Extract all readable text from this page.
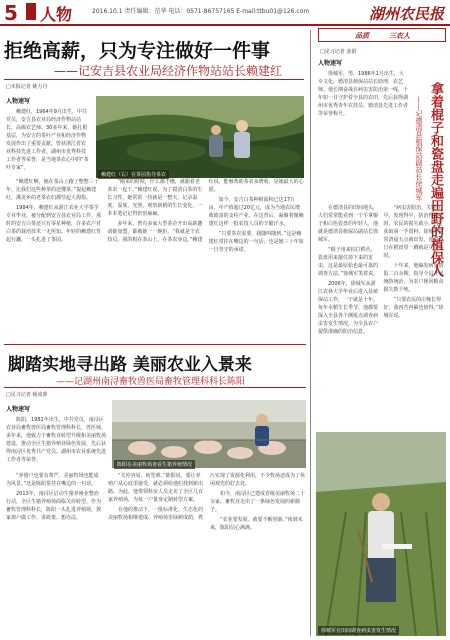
5 人物	2016.10.1 责任编辑：范华 电话：0571-86757165 E-mail:ttbu01@126.com	湖州农民报
拒绝高薪，只为专注做好一件事
——记安吉县农业局经济作物站站长赖建红
□本报记者 姚力丹
人物速写

赖建红，1964年9月出生，中共党员，安吉县农业局经济作物站站长，高级农艺师。30多年来，她扎根基层，为安吉的茶叶产业和经济作物发展作出了重要贡献，曾获浙江省农业科技先进工作者、湖州市优秀科技工作者等荣誉，是当地茶农心中的“茶叶专家”。

赖建红（右）在茶园指导茶农

“赖建红啊，她在茶山上跑了整整三十年，比我们这些种茶的还懂茶。”提起赖建红，溪龙乡的老茶农们都竖起大拇指。

1984年，赖建红从浙江农业大学茶学专业毕业，被分配到安吉县农业局工作。那时的安吉白茶还只有零星种植，许多农户对白茶的栽培技术一无所知。年轻的赖建红背起行囊，一头扎进了茶园。

“刚来的时候，什么都不懂，就跟着老茶农一起干。”赖建红说，为了摸清白茶的生长习性，她常常一待就是一整天，记录温度、湿度、光照，观察新梢的生长变化，一本本笔记记得密密麻麻。

多年来，曾有多家大型茶企开出高薪邀请她加盟，都被她一一婉拒。“我就是个农技员，我的根在茶山上，在茶农身边。”赖建红说，能够帮助茶农多增收，是她最大的心愿。

如今，安吉白茶种植面积已达17万亩，年产值超过20亿元，成为当地农民增收致富的支柱产业。在这背后，凝聚着像赖建红这样一批农技人员的辛勤汗水。

“只要茶农需要，我随叫随到。”这是赖建红常挂在嘴边的一句话，也是她三十年如一日坚守的承诺。

品质	三农人
□见习记者 姜娟
人物速写

徐城军，男，1986年1月出生，大专文化，德清县植保站站长助理，农艺师。他长期奋战在病虫害防治第一线，十年如一日守护着全县的农田，先后获得湖州市优秀青年农技员、德清县先进工作者等荣誉称号。	拿着棍子和瓷盘走遍田野的植保人
——记德清县植保站副站长徐城军

在德清县的田间地头，人们常常能看到一个手拿棍子和白色瓷盘的年轻人，他就是德清县植保站副站长徐城军。

“棍子用来拍打稻丛，瓷盘用来接住掉下来的害虫，这是最原始也最可靠的调查方法。”徐城军笑着说。

2006年，徐城军从浙江农林大学毕业后进入县植保站工作，一干就是十年。每年水稻生长季节，他都要深入全县各个测报点调查病虫害发生情况，为全县农户提供准确的防治信息。

“病虫害防治，关键在早。发现得早，防治得及时，农民的损失就小。”为了获取第一手资料，徐城军常常清晨五点就出发，顶着烈日在稻田里一蹲就是几个小时。

十年来，他编发病虫情报二百余期，指导全县开展统防统治，为农户挽回粮食损失数千吨。

“只要农民的庄稼长得好，我再苦再累也值得。”徐城军说。

徐城军在田间调查病虫害发生情况
脚踏实地寻出路 美丽农业入景来
——记湖州南浔畜牧兽医局畜牧管理科科长陈阳
□见习记者 杨凌睿
人物速写

陈阳，1981年出生，中共党员，南浔区农业局畜牧兽医局畜牧管理科科长，兽医师。多年来，他致力于畜牧业转型升级和美丽牧场建设，推动全区生猪养殖业绿色发展，先后获得南浔区优秀共产党员、湖州市农业系统先进工作者等荣誉。

陈阳在美丽牧场查看生猪养殖情况

“养猪户也要有尊严，美丽牧场也能成为风景。”这是陈阳常挂在嘴边的一句话。

2013年，南浔区启动生猪养殖业整治行动，全区生猪养殖场面临关停转型。作为畜牧管理科科长，陈阳一头扎进养殖场，挨家挨户做工作、讲政策、想办法。

“关停容易，转型难。”陈阳说，要让养殖户从心底里接受，就必须给他们找到新出路。为此，他带领科室人员走访了全区几百家养殖场，为每一户量身定制转型方案。

在他的推动下，一批标准化、生态化的美丽牧场相继建成。养殖场里绿树成荫，粪污实现了资源化利用，不少牧场还成为了休闲观光的好去处。

如今，南浔区已建成省级美丽牧场二十余家，畜牧业走出了一条绿色发展的新路子。

“农业要发展，就要不断创新。”谈到未来，陈阳信心满满。
